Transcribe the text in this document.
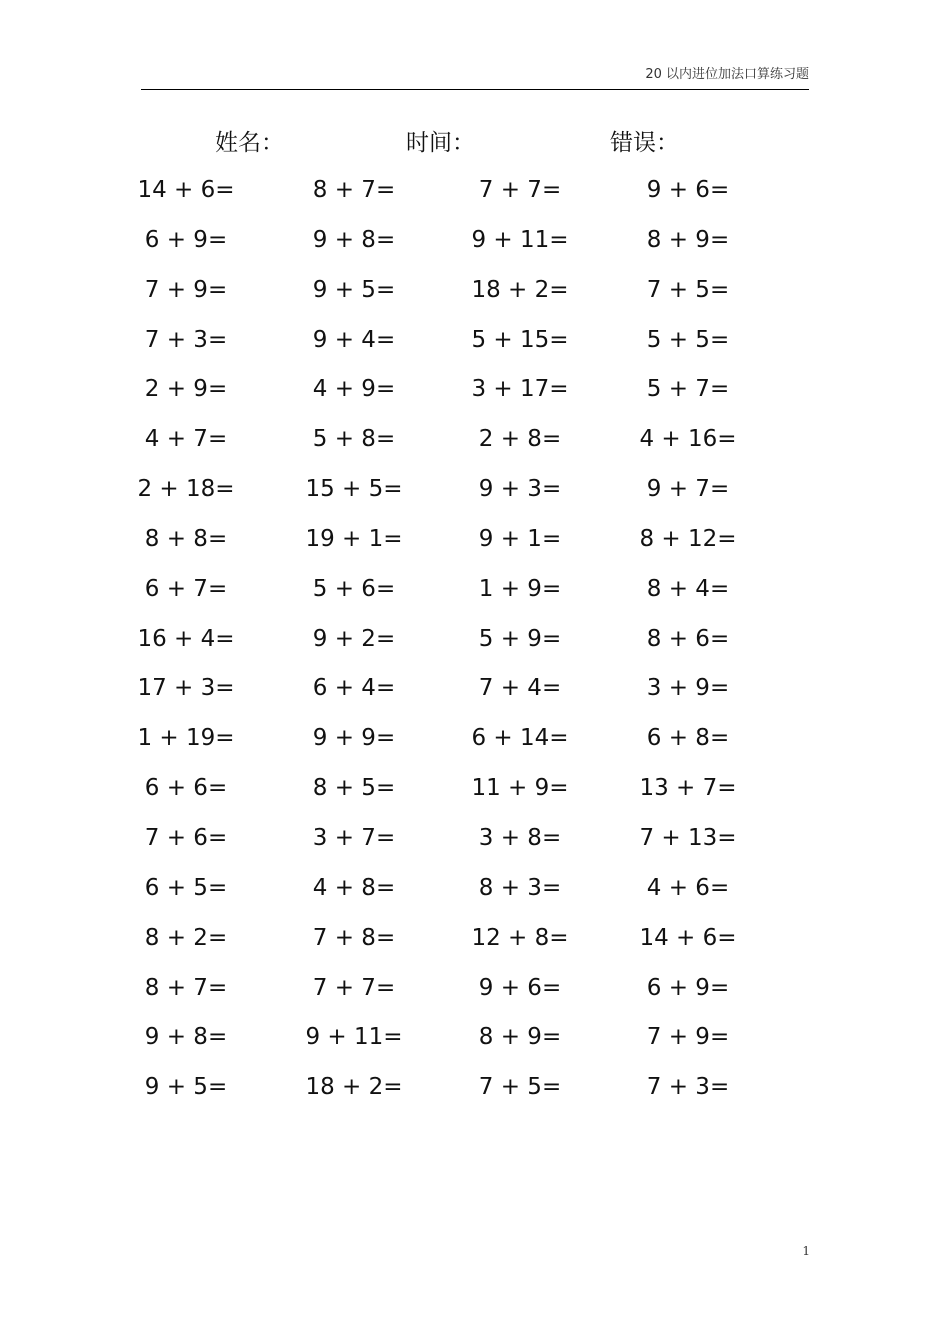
20 以内进位加法口算练习题
姓名：	时间：	错误：
14 + 6=	8 + 7=	7 + 7=	9 + 6=
6 + 9=	9 + 8=	9 + 11=	8 + 9=
7 + 9=	9 + 5=	18 + 2=	7 + 5=
7 + 3=	9 + 4=	5 + 15=	5 + 5=
2 + 9=	4 + 9=	3 + 17=	5 + 7=
4 + 7=	5 + 8=	2 + 8=	4 + 16=
2 + 18=	15 + 5=	9 + 3=	9 + 7=
8 + 8=	19 + 1=	9 + 1=	8 + 12=
6 + 7=	5 + 6=	1 + 9=	8 + 4=
16 + 4=	9 + 2=	5 + 9=	8 + 6=
17 + 3=	6 + 4=	7 + 4=	3 + 9=
1 + 19=	9 + 9=	6 + 14=	6 + 8=
6 + 6=	8 + 5=	11 + 9=	13 + 7=
7 + 6=	3 + 7=	3 + 8=	7 + 13=
6 + 5=	4 + 8=	8 + 3=	4 + 6=
8 + 2=	7 + 8=	12 + 8=	14 + 6=
8 + 7=	7 + 7=	9 + 6=	6 + 9=
9 + 8=	9 + 11=	8 + 9=	7 + 9=
9 + 5=	18 + 2=	7 + 5=	7 + 3=
1
